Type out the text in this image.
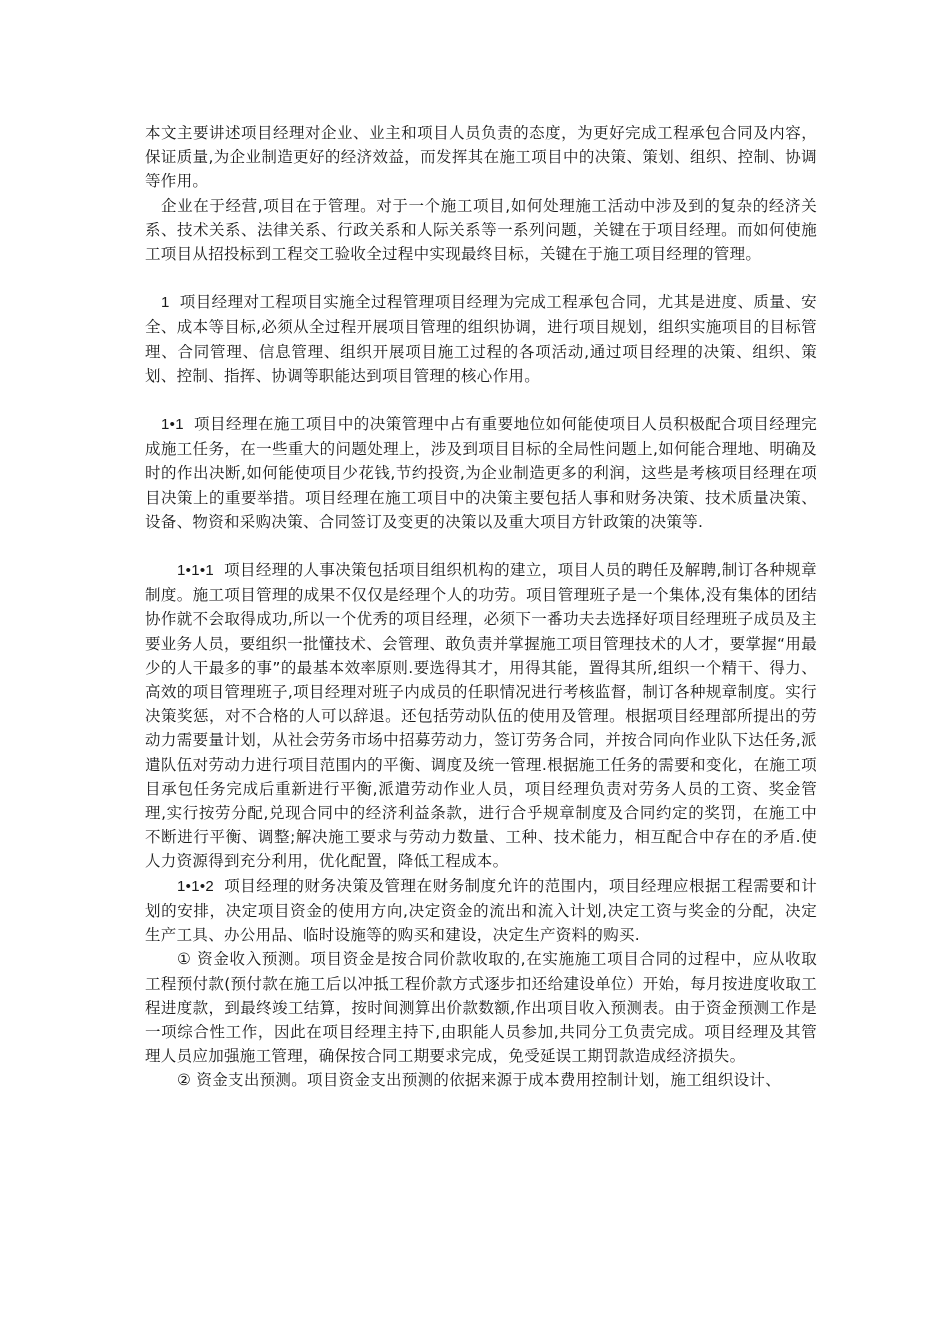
本文主要讲述项目经理对企业、业主和项目人员负责的态度，为更好完成工程承包合同及内容，保证质量,为企业制造更好的经济效益，而发挥其在施工项目中的决策、策划、组织、控制、协调等作用。

企业在于经营,项目在于管理。对于一个施工项目,如何处理施工活动中涉及到的复杂的经济关系、技术关系、法律关系、行政关系和人际关系等一系列问题，关键在于项目经理。而如何使施工项目从招投标到工程交工验收全过程中实现最终目标，关键在于施工项目经理的管理。

1 项目经理对工程项目实施全过程管理项目经理为完成工程承包合同，尤其是进度、质量、安全、成本等目标,必须从全过程开展项目管理的组织协调，进行项目规划，组织实施项目的目标管理、合同管理、信息管理、组织开展项目施工过程的各项活动,通过项目经理的决策、组织、策划、控制、指挥、协调等职能达到项目管理的核心作用。

1•1 项目经理在施工项目中的决策管理中占有重要地位如何能使项目人员积极配合项目经理完成施工任务，在一些重大的问题处理上，涉及到项目目标的全局性问题上,如何能合理地、明确及时的作出决断,如何能使项目少花钱,节约投资,为企业制造更多的利润，这些是考核项目经理在项目决策上的重要举措。项目经理在施工项目中的决策主要包括人事和财务决策、技术质量决策、设备、物资和采购决策、合同签订及变更的决策以及重大项目方针政策的决策等.

1•1•1 项目经理的人事决策包括项目组织机构的建立，项目人员的聘任及解聘,制订各种规章制度。施工项目管理的成果不仅仅是经理个人的功劳。项目管理班子是一个集体,没有集体的团结协作就不会取得成功,所以一个优秀的项目经理，必须下一番功夫去选择好项目经理班子成员及主要业务人员，要组织一批懂技术、会管理、敢负责并掌握施工项目管理技术的人才，要掌握“用最少的人干最多的事”的最基本效率原则.要选得其才，用得其能，置得其所,组织一个精干、得力、高效的项目管理班子,项目经理对班子内成员的任职情况进行考核监督，制订各种规章制度。实行决策奖惩，对不合格的人可以辞退。还包括劳动队伍的使用及管理。根据项目经理部所提出的劳动力需要量计划，从社会劳务市场中招募劳动力，签订劳务合同，并按合同向作业队下达任务,派遣队伍对劳动力进行项目范围内的平衡、调度及统一管理.根据施工任务的需要和变化，在施工项目承包任务完成后重新进行平衡,派遣劳动作业人员，项目经理负责对劳务人员的工资、奖金管理,实行按劳分配,兑现合同中的经济利益条款，进行合乎规章制度及合同约定的奖罚，在施工中不断进行平衡、调整;解决施工要求与劳动力数量、工种、技术能力，相互配合中存在的矛盾.使人力资源得到充分利用，优化配置，降低工程成本。

1•1•2 项目经理的财务决策及管理在财务制度允许的范围内，项目经理应根据工程需要和计划的安排，决定项目资金的使用方向,决定资金的流出和流入计划,决定工资与奖金的分配，决定生产工具、办公用品、临时设施等的购买和建设，决定生产资料的购买.

① 资金收入预测。项目资金是按合同价款收取的,在实施施工项目合同的过程中，应从收取工程预付款(预付款在施工后以冲抵工程价款方式逐步扣还给建设单位）开始，每月按进度收取工程进度款，到最终竣工结算，按时间测算出价款数额,作出项目收入预测表。由于资金预测工作是一项综合性工作，因此在项目经理主持下,由职能人员参加,共同分工负责完成。项目经理及其管理人员应加强施工管理，确保按合同工期要求完成，免受延误工期罚款造成经济损失。

② 资金支出预测。项目资金支出预测的依据来源于成本费用控制计划，施工组织设计、
